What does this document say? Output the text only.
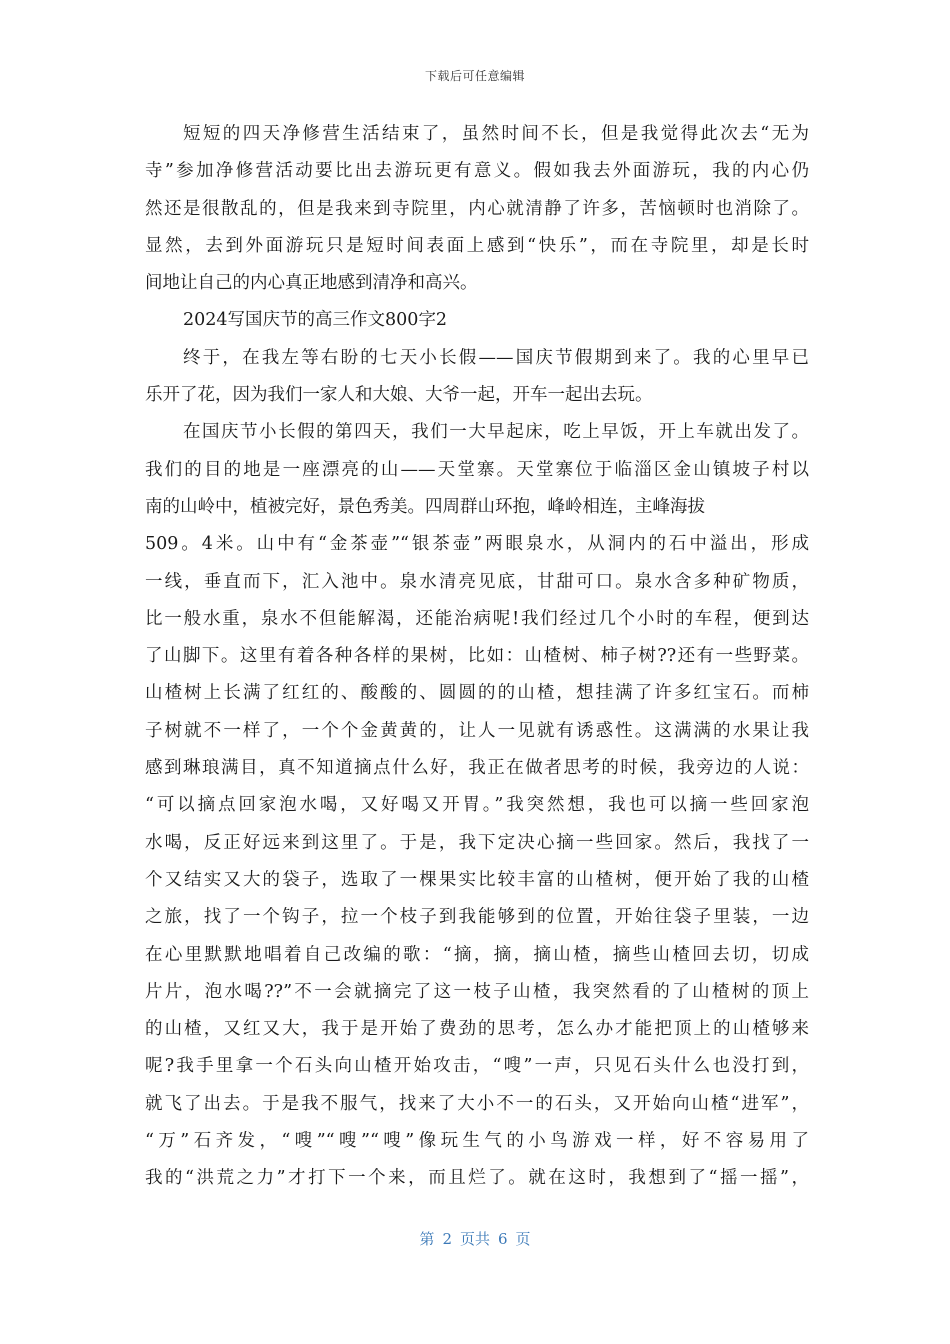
下载后可任意编辑
短短的四天净修营生活结束了，虽然时间不长，但是我觉得此次去“无为
寺”参加净修营活动要比出去游玩更有意义。假如我去外面游玩，我的内心仍
然还是很散乱的，但是我来到寺院里，内心就清静了许多，苦恼顿时也消除了。
显然，去到外面游玩只是短时间表面上感到“快乐”，而在寺院里，却是长时
间地让自己的内心真正地感到清净和高兴。
2024写国庆节的高三作文800字2
终于，在我左等右盼的七天小长假——国庆节假期到来了。我的心里早已
乐开了花，因为我们一家人和大娘、大爷一起，开车一起出去玩。
在国庆节小长假的第四天，我们一大早起床，吃上早饭，开上车就出发了。
我们的目的地是一座漂亮的山——天堂寨。天堂寨位于临淄区金山镇坡子村以
南的山岭中，植被完好，景色秀美。四周群山环抱，峰岭相连，主峰海拔
509。4米。山中有“金茶壶”“银茶壶”两眼泉水，从洞内的石中溢出，形成
一线，垂直而下，汇入池中。泉水清亮见底，甘甜可口。泉水含多种矿物质，
比一般水重，泉水不但能解渴，还能治病呢!我们经过几个小时的车程，便到达
了山脚下。这里有着各种各样的果树，比如：山楂树、柿子树??还有一些野菜。
山楂树上长满了红红的、酸酸的、圆圆的的山楂，想挂满了许多红宝石。而柿
子树就不一样了，一个个金黄黄的，让人一见就有诱惑性。这满满的水果让我
感到琳琅满目，真不知道摘点什么好，我正在做者思考的时候，我旁边的人说：
“可以摘点回家泡水喝，又好喝又开胃。”我突然想，我也可以摘一些回家泡
水喝，反正好远来到这里了。于是，我下定决心摘一些回家。然后，我找了一
个又结实又大的袋子，选取了一棵果实比较丰富的山楂树，便开始了我的山楂
之旅，找了一个钩子，拉一个枝子到我能够到的位置，开始往袋子里装，一边
在心里默默地唱着自己改编的歌：“摘，摘，摘山楂，摘些山楂回去切，切成
片片，泡水喝??”不一会就摘完了这一枝子山楂，我突然看的了山楂树的顶上
的山楂，又红又大，我于是开始了费劲的思考，怎么办才能把顶上的山楂够来
呢?我手里拿一个石头向山楂开始攻击，“嗖”一声，只见石头什么也没打到，
就飞了出去。于是我不服气，找来了大小不一的石头，又开始向山楂“进军”，
“万”石齐发，“嗖”“嗖”“嗖”像玩生气的小鸟游戏一样，好不容易用了
我的“洪荒之力”才打下一个来，而且烂了。就在这时，我想到了“摇一摇”，
第 2 页共 6 页
